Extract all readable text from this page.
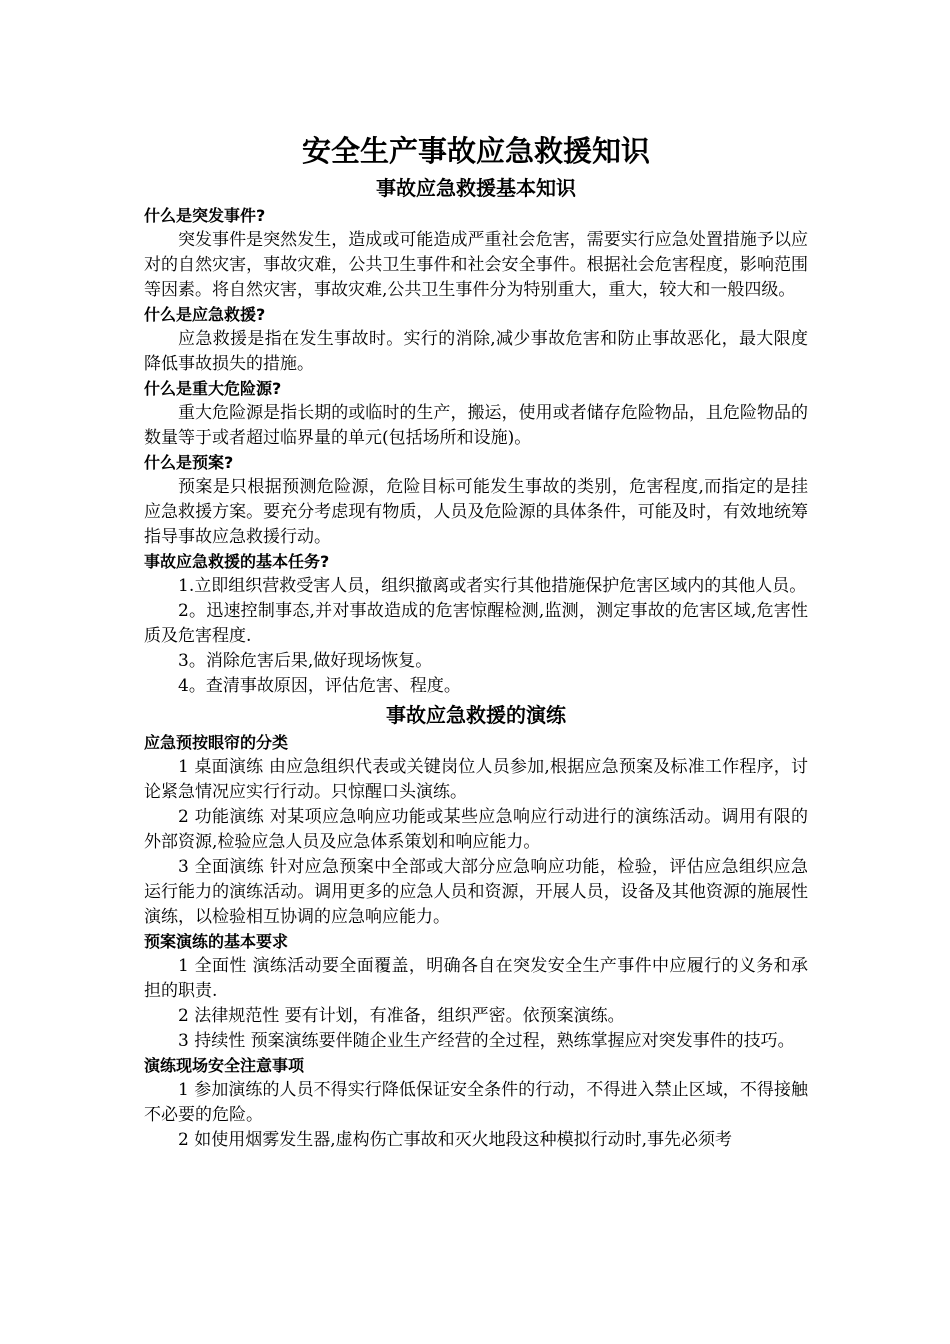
安全生产事故应急救援知识
事故应急救援基本知识

什么是突发事件?

突发事件是突然发生，造成或可能造成严重社会危害，需要实行应急处置措施予以应对的自然灾害，事故灾难，公共卫生事件和社会安全事件。根据社会危害程度，影响范围等因素。将自然灾害，事故灾难,公共卫生事件分为特别重大，重大，较大和一般四级。

什么是应急救援?

应急救援是指在发生事故时。实行的消除,减少事故危害和防止事故恶化，最大限度降低事故损失的措施。

什么是重大危险源?

重大危险源是指长期的或临时的生产，搬运，使用或者储存危险物品，且危险物品的数量等于或者超过临界量的单元(包括场所和设施)。

什么是预案?

预案是只根据预测危险源，危险目标可能发生事故的类别，危害程度,而指定的是挂应急救援方案。要充分考虑现有物质，人员及危险源的具体条件，可能及时，有效地统筹指导事故应急救援行动。

事故应急救援的基本任务?

1.立即组织营救受害人员，组织撤离或者实行其他措施保护危害区域内的其他人员。

2。迅速控制事态,并对事故造成的危害惊醒检测,监测，测定事故的危害区域,危害性质及危害程度.

3。消除危害后果,做好现场恢复。

4。查清事故原因，评估危害、程度。

事故应急救援的演练

应急预按眼帘的分类

1 桌面演练 由应急组织代表或关键岗位人员参加,根据应急预案及标准工作程序，讨论紧急情况应实行行动。只惊醒口头演练。

2 功能演练 对某项应急响应功能或某些应急响应行动进行的演练活动。调用有限的外部资源,检验应急人员及应急体系策划和响应能力。

3 全面演练 针对应急预案中全部或大部分应急响应功能，检验，评估应急组织应急运行能力的演练活动。调用更多的应急人员和资源，开展人员，设备及其他资源的施展性演练，以检验相互协调的应急响应能力。

预案演练的基本要求

1 全面性 演练活动要全面覆盖，明确各自在突发安全生产事件中应履行的义务和承担的职责.

2 法律规范性 要有计划，有准备，组织严密。依预案演练。

3 持续性 预案演练要伴随企业生产经营的全过程，熟练掌握应对突发事件的技巧。

演练现场安全注意事项

1 参加演练的人员不得实行降低保证安全条件的行动，不得进入禁止区域，不得接触不必要的危险。

2 如使用烟雾发生器,虚构伤亡事故和灭火地段这种模拟行动时,事先必须考
